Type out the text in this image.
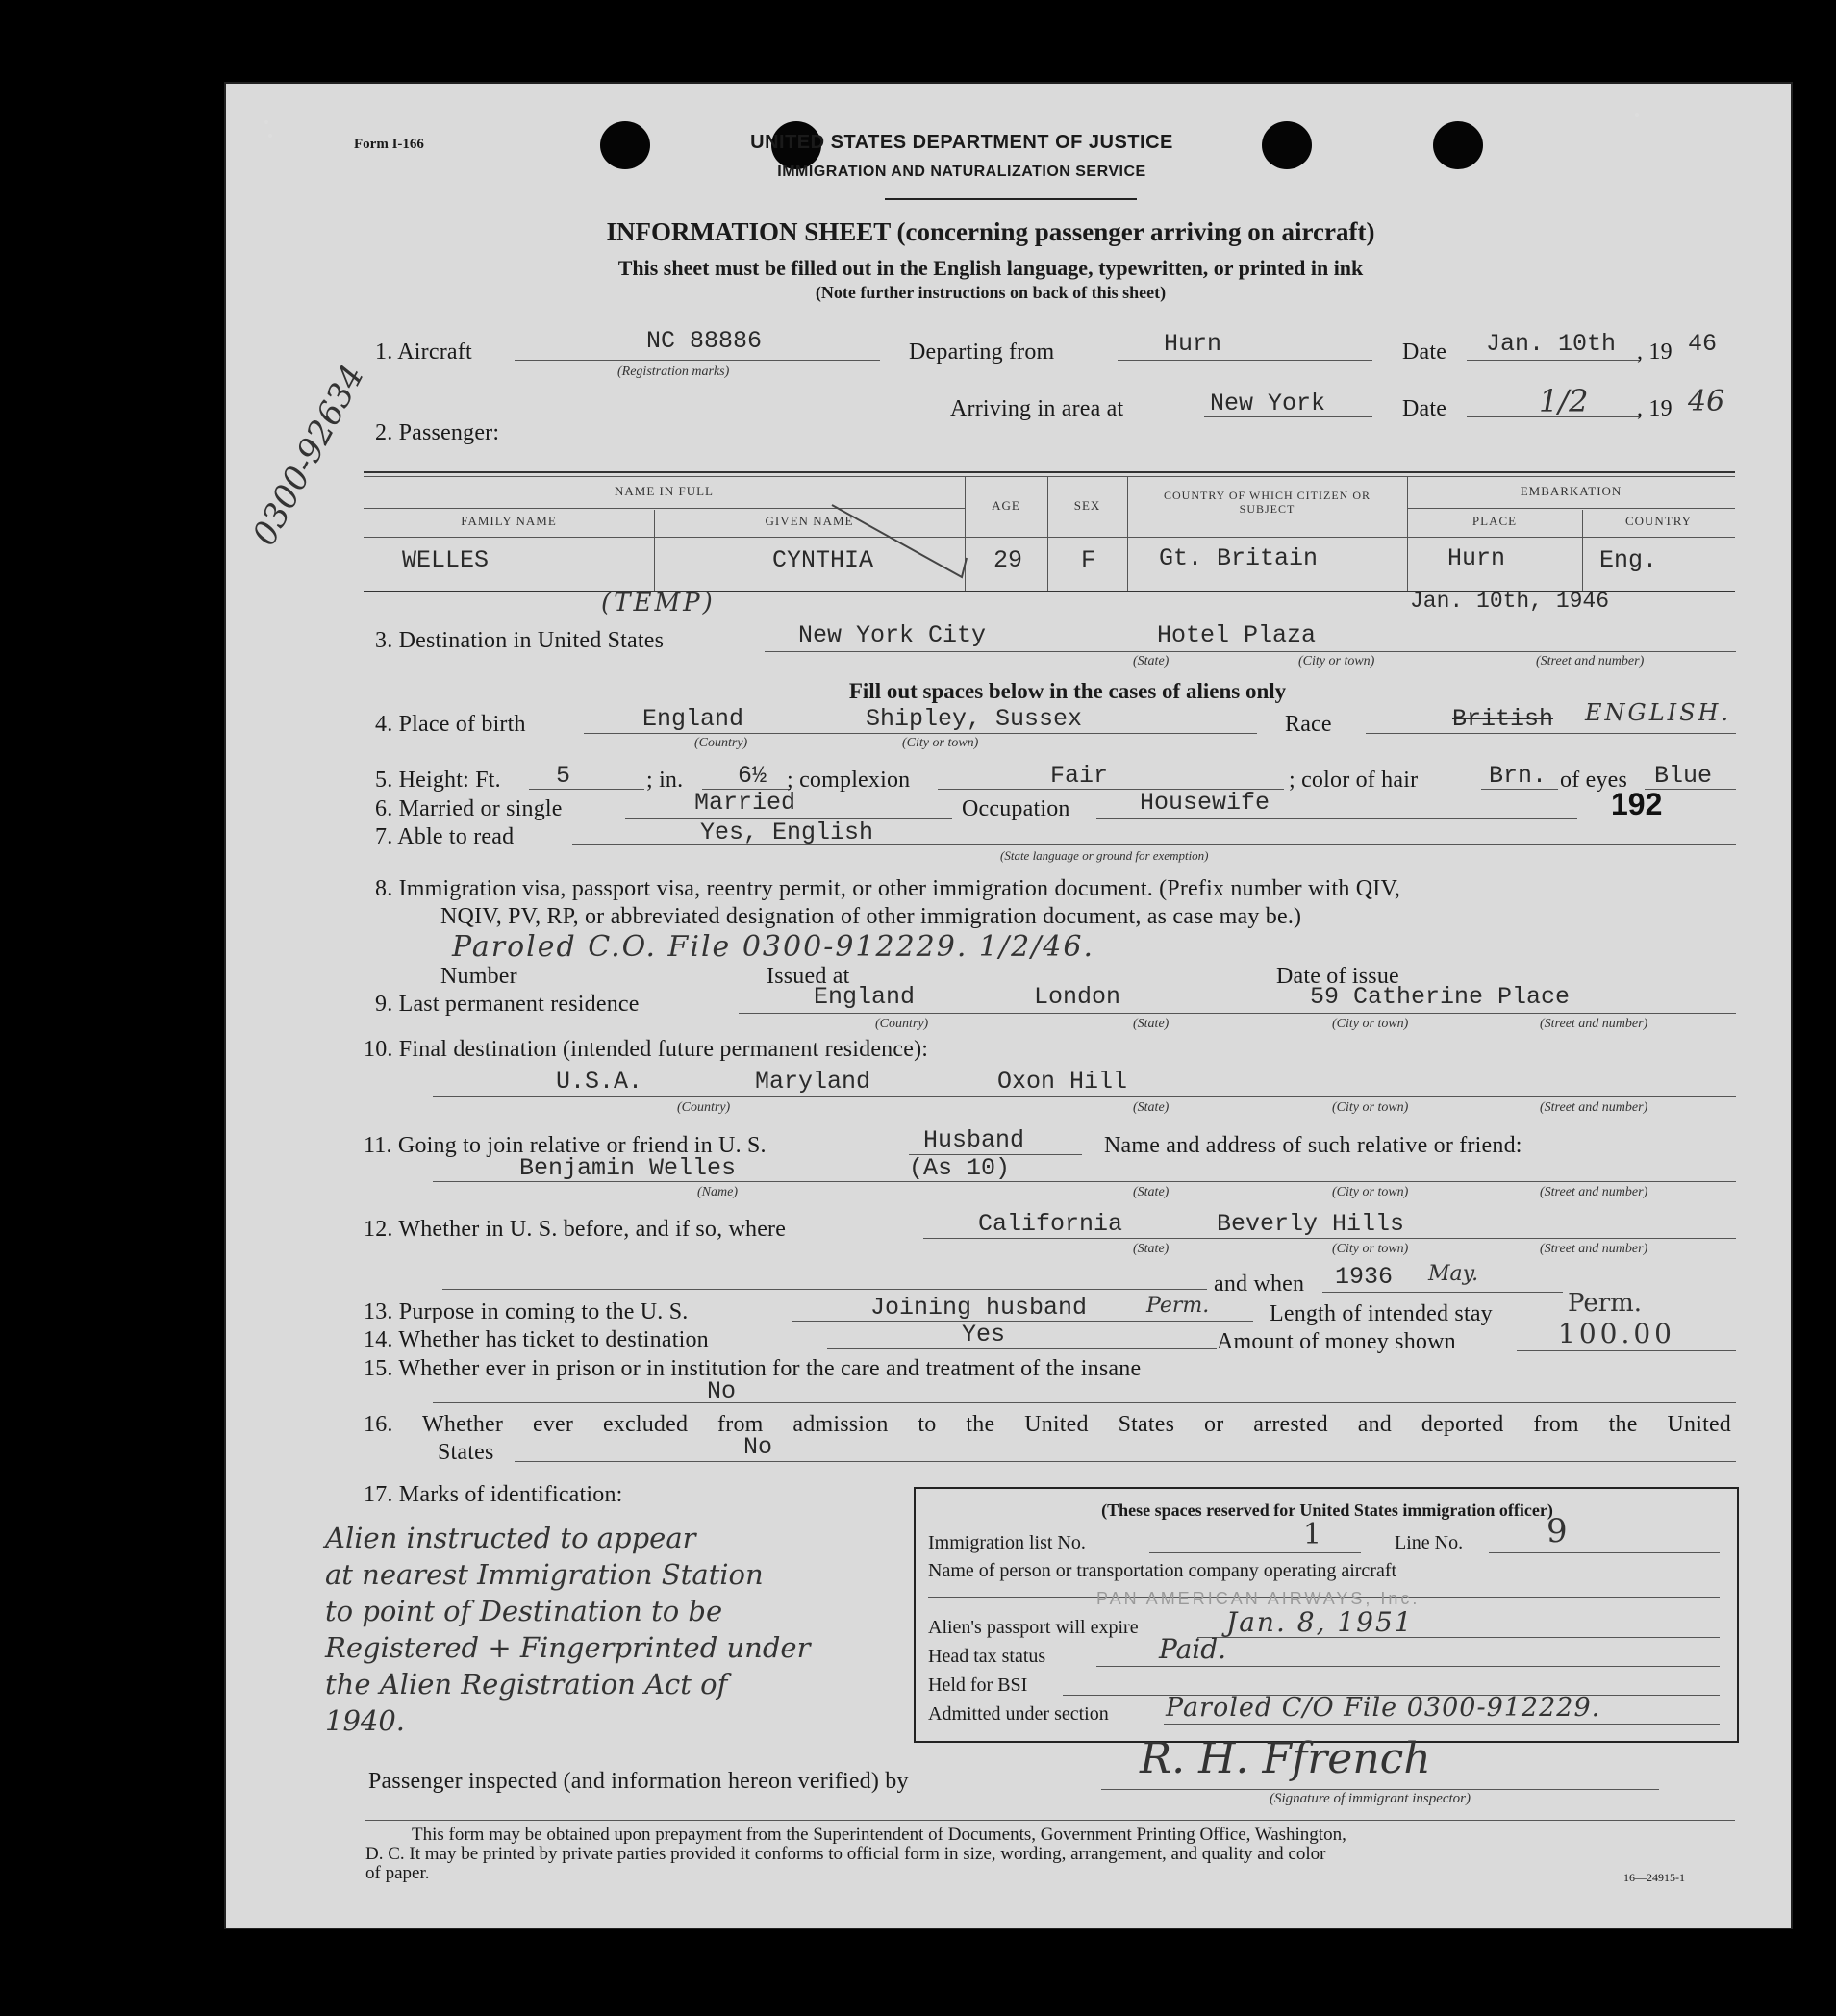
Form I-166	UNITED STATES DEPARTMENT OF JUSTICE
IMMIGRATION AND NATURALIZATION SERVICE
INFORMATION SHEET (concerning passenger arriving on aircraft)
This sheet must be filled out in the English language, typewritten, or printed in ink
(Note further instructions on back of this sheet)
0300-92634
1. Aircraft	NC 88886
(Registration marks)
Departing from	Hurn	Date Jan. 10th , 19 46
Arriving in area at	New York	Date	1/2 , 19 46
2. Passenger:
NAME IN FULL
FAMILY NAME	GIVEN NAME
AGE	SEX
COUNTRY OF WHICH CITIZEN OR SUBJECT
EMBARKATION
PLACE	COUNTRY
WELLES	CYNTHIA	29 F	Gt. Britain	Hurn	Eng.
(TEMP)	Jan. 10th, 1946
3. Destination in United States	New York City	Hotel Plaza
(State)	(City or town)	(Street and number)
Fill out spaces below in the cases of aliens only
4. Place of birth	England	Shipley, Sussex
(Country)	(City or town)
Race	British ENGLISH.
5. Height: Ft. 5	; in. 6½ ; complexion	Fair	; color of hair	Brn. of eyes Blue
192
6. Married or single	Married	Occupation	Housewife
7. Able to read	Yes, English
(State language or ground for exemption)
8. Immigration visa, passport visa, reentry permit, or other immigration document. (Prefix number with QIV,
NQIV, PV, RP, or abbreviated designation of other immigration document, as case may be.)
Paroled C.O. File 0300-912229. 1/2/46.
Number	Issued at	Date of issue
9. Last permanent residence	England	London	59 Catherine Place
(Country)	(State)	(City or town)	(Street and number)
10. Final destination (intended future permanent residence):
U.S.A.	Maryland	Oxon Hill
(Country)	(State)	(City or town)	(Street and number)
11. Going to join relative or friend in U. S.	Husband	Name and address of such relative or friend:
Benjamin Welles	(As 10)
(Name)	(State)	(City or town)	(Street and number)
12. Whether in U. S. before, and if so, where	California	Beverly Hills
(State)	(City or town)	(Street and number)
and when 1936 May.
13. Purpose in coming to the U. S.	Joining husband	Perm.	Length of intended stay	Perm.
14. Whether has ticket to destination	Yes	Amount of money shown	100.00
15. Whether ever in prison or in institution for the care and treatment of the insane
No
16. Whether ever excluded from admission to the United States or arrested and deported from the United
States	No
17. Marks of identification:
Alien instructed to appear
at nearest Immigration Station
to point of Destination to be
Registered + Fingerprinted under
the Alien Registration Act of
1940.
(These spaces reserved for United States immigration officer)
Immigration list No.	1	Line No.	9
Name of person or transportation company operating aircraft
PAN AMERICAN AIRWAYS, Inc.
Alien's passport will expire	Jan. 8, 1951
Head tax status	Paid.
Held for BSI
Admitted under section Paroled C/O File 0300-912229.
Passenger inspected (and information hereon verified) by	R. H. Ffrench
(Signature of immigrant inspector)
This form may be obtained upon prepayment from the Superintendent of Documents, Government Printing Office, Washington,
D. C. It may be printed by private parties provided it conforms to official form in size, wording, arrangement, and quality and color
of paper.	16—24915-1
